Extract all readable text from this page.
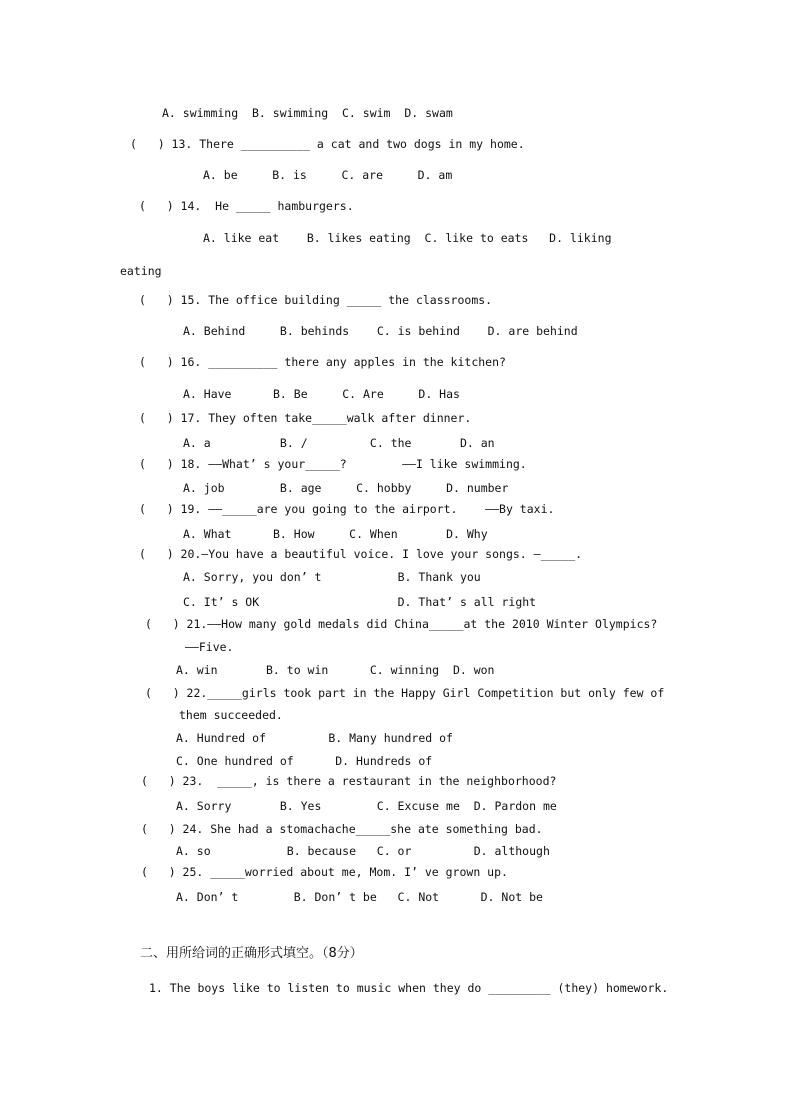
A. swimming  B. swimming  C. swim  D. swam
(   ) 13. There __________ a cat and two dogs in my home.
A. be     B. is     C. are     D. am
(   ) 14.  He _____ hamburgers.
A. like eat    B. likes eating  C. like to eats   D. liking
eating
(   ) 15. The office building _____ the classrooms.
A. Behind     B. behinds    C. is behind    D. are behind
(   ) 16. __________ there any apples in the kitchen?
A. Have      B. Be     C. Are     D. Has
(   ) 17. They often take_____walk after dinner.
A. a          B. /         C. the       D. an
(   ) 18. ——What’ s your_____?        ——I like swimming.
A. job        B. age     C. hobby     D. number
(   ) 19. ——_____are you going to the airport.    ——By taxi.
A. What      B. How     C. When       D. Why
(   ) 20.—You have a beautiful voice. I love your songs. —_____.
A. Sorry, you don’ t           B. Thank you
C. It’ s OK                    D. That’ s all right
(   ) 21.——How many gold medals did China_____at the 2010 Winter Olympics?
——Five.
A. win       B. to win      C. winning  D. won
(   ) 22._____girls took part in the Happy Girl Competition but only few of
them succeeded.
A. Hundred of         B. Many hundred of
C. One hundred of      D. Hundreds of
(   ) 23.  _____, is there a restaurant in the neighborhood?
A. Sorry       B. Yes        C. Excuse me  D. Pardon me
(   ) 24. She had a stomachache_____she ate something bad.
A. so           B. because   C. or         D. although
(   ) 25. _____worried about me, Mom. I’ ve grown up.
A. Don’ t        B. Don’ t be   C. Not      D. Not be
二、用所给词的正确形式填空。（8分）
1. The boys like to listen to music when they do _________ (they) homework.
